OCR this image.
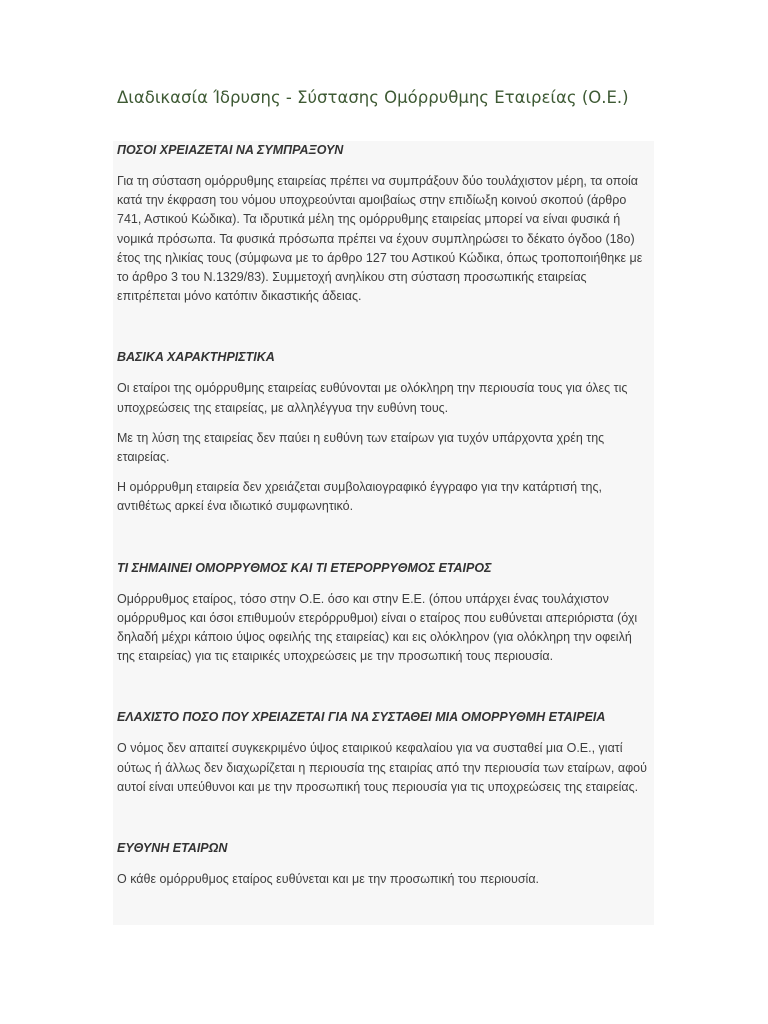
Διαδικασία Ίδρυσης - Σύστασης Ομόρρυθμης Εταιρείας (Ο.Ε.)
ΠΟΣΟΙ ΧΡΕΙΑΖΕΤΑΙ ΝΑ ΣΥΜΠΡΑΞΟΥΝ

Για τη σύσταση ομόρρυθμης εταιρείας πρέπει να συμπράξουν δύο τουλάχιστον μέρη, τα οποία κατά την έκφραση του νόμου υποχρεούνται αμοιβαίως στην επιδίωξη κοινού σκοπού (άρθρο 741, Αστικού Κώδικα). Τα ιδρυτικά μέλη της ομόρρυθμης εταιρείας μπορεί να είναι φυσικά ή νομικά πρόσωπα. Τα φυσικά πρόσωπα πρέπει να έχουν συμπληρώσει το δέκατο όγδοο (18ο) έτος της ηλικίας τους (σύμφωνα με το άρθρο 127 του Αστικού Κώδικα, όπως τροποποιήθηκε με το άρθρο 3 του Ν.1329/83). Συμμετοχή ανηλίκου στη σύσταση προσωπικής εταιρείας επιτρέπεται μόνο κατόπιν δικαστικής άδειας.

ΒΑΣΙΚΑ ΧΑΡΑΚΤΗΡΙΣΤΙΚΑ

Οι εταίροι της ομόρρυθμης εταιρείας ευθύνονται με ολόκληρη την περιουσία τους για όλες τις υποχρεώσεις της εταιρείας, με αλληλέγγυα την ευθύνη τους.

Με τη λύση της εταιρείας δεν παύει η ευθύνη των εταίρων για τυχόν υπάρχοντα χρέη της εταιρείας.

Η ομόρρυθμη εταιρεία δεν χρειάζεται συμβολαιογραφικό έγγραφο για την κατάρτισή της, αντιθέτως αρκεί ένα ιδιωτικό συμφωνητικό.

ΤΙ ΣΗΜΑΙΝΕΙ ΟΜΟΡΡΥΘΜΟΣ ΚΑΙ ΤΙ ΕΤΕΡΟΡΡΥΘΜΟΣ ΕΤΑΙΡΟΣ

Ομόρρυθμος εταίρος, τόσο στην Ο.Ε. όσο και στην Ε.Ε. (όπου υπάρχει ένας τουλάχιστον ομόρρυθμος και όσοι επιθυμούν ετερόρρυθμοι) είναι ο εταίρος που ευθύνεται απεριόριστα (όχι δηλαδή μέχρι κάποιο ύψος οφειλής της εταιρείας) και εις ολόκληρον (για ολόκληρη την οφειλή της εταιρείας) για τις εταιρικές υποχρεώσεις με την προσωπική τους περιουσία.

ΕΛΑΧΙΣΤΟ ΠΟΣΟ ΠΟΥ ΧΡΕΙΑΖΕΤΑΙ ΓΙΑ ΝΑ ΣΥΣΤΑΘΕΙ ΜΙΑ ΟΜΟΡΡΥΘΜΗ ΕΤΑΙΡΕΙΑ

Ο νόμος δεν απαιτεί συγκεκριμένο ύψος εταιρικού κεφαλαίου για να συσταθεί μια Ο.Ε., γιατί ούτως ή άλλως δεν διαχωρίζεται η περιουσία της εταιρίας από την περιουσία των εταίρων, αφού αυτοί είναι υπεύθυνοι και με την προσωπική τους περιουσία για τις υποχρεώσεις της εταιρείας.

ΕΥΘΥΝΗ ΕΤΑΙΡΩΝ

Ο κάθε ομόρρυθμος εταίρος ευθύνεται και με την προσωπική του περιουσία.
